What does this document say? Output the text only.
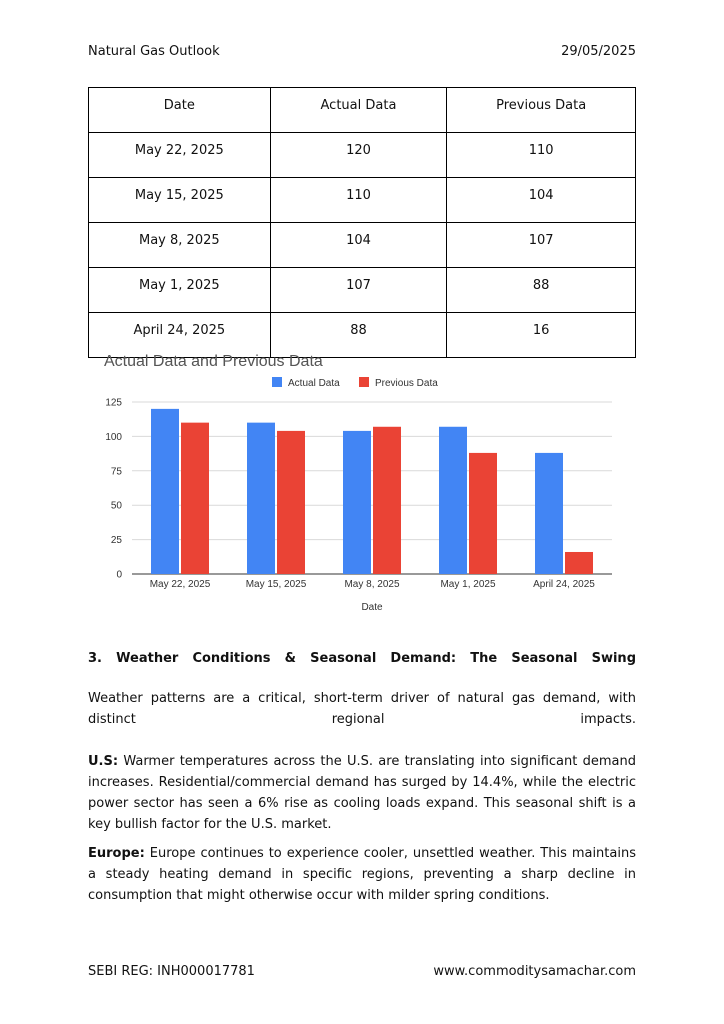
Natural Gas Outlook	29/05/2025
Date	Actual Data	Previous Data
May 22, 2025	120	110
May 15, 2025	110	104
May 8, 2025	104	107
May 1, 2025	107	88
April 24, 2025	88	16
Actual Data and Previous Data
Actual Data	Previous Data
0
25
50
75
100
125
May 22, 2025	May 15, 2025	May 8, 2025	May 1, 2025	April 24, 2025
Date
3. Weather Conditions & Seasonal Demand: The Seasonal Swing
Weather patterns are a critical, short-term driver of natural gas demand, with distinct regional impacts.
U.S: Warmer temperatures across the U.S. are translating into significant demand increases. Residential/commercial demand has surged by 14.4%, while the electric power sector has seen a 6% rise as cooling loads expand. This seasonal shift is a key bullish factor for the U.S. market.
Europe: Europe continues to experience cooler, unsettled weather. This maintains a steady heating demand in specific regions, preventing a sharp decline in consumption that might otherwise occur with milder spring conditions.
SEBI REG: INH000017781	www.commoditysamachar.com
